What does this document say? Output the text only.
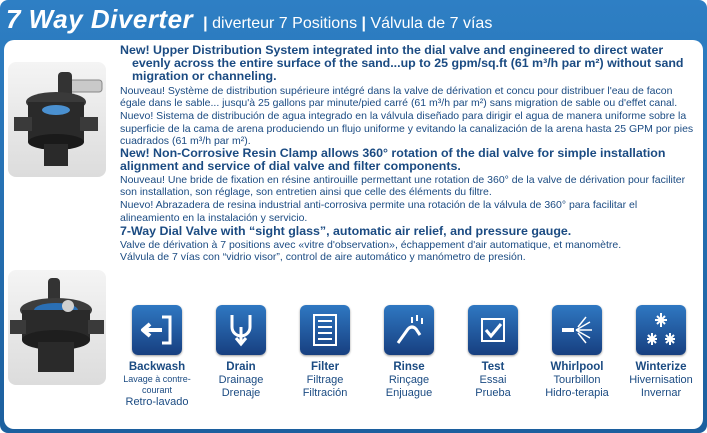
7 Way Diverter | diverteur 7 Positions | Válvula de 7 vías
New! Upper Distribution System integrated into the dial valve and engineered to direct water evenly across the entire surface of the sand...up to 25 gpm/sq.ft (61 m³/h par m²) without sand migration or channeling.
Nouveau! Système de distribution supérieure intégré dans la valve de dérivation et concu pour distribuer l'eau de facon égale dans le sable... jusqu'à 25 gallons par minute/pied carré (61 m³/h par m²) sans migration de sable ou d'effet canal.
Nuevo! Sistema de distribución de agua integrado en la válvula diseñado para dirigir el agua de manera uniforme sobre la superficie de la cama de arena produciendo un flujo uniforme y evitando la canalización de la arena hasta 25 GPM por pies cuadrados (61 m³/h par m²).
New! Non-Corrosive Resin Clamp allows 360° rotation of the dial valve for simple installation alignment and service of dial valve and filter components.
Nouveau! Une bride de fixation en résine antirouille permettant une rotation de 360° de la valve de dérivation pour faciliter son installation, son réglage, son entretien ainsi que celle des éléments du filtre.
Nuevo! Abrazadera de resina industrial anti-corrosiva permite una rotación de la válvula de 360° para facilitar el alineamiento en la instalación y servicio.
7-Way Dial Valve with “sight glass”, automatic air relief, and pressure gauge.
Valve de dérivation à 7 positions avec «vitre d'observation», échappement d'air automatique, et manomètre.
Válvula de 7 vías con “vidrio visor”, control de aire automático y manómetro de presión.
Backwash
Lavage à contre-courant
Retro-lavado
Drain
Drainage
Drenaje
Filter
Filtrage
Filtración
Rinse
Rinçage
Enjuague
Test
Essai
Prueba
Whirlpool
Tourbillon
Hidro-terapia
Winterize
Hivernisation
Invernar
